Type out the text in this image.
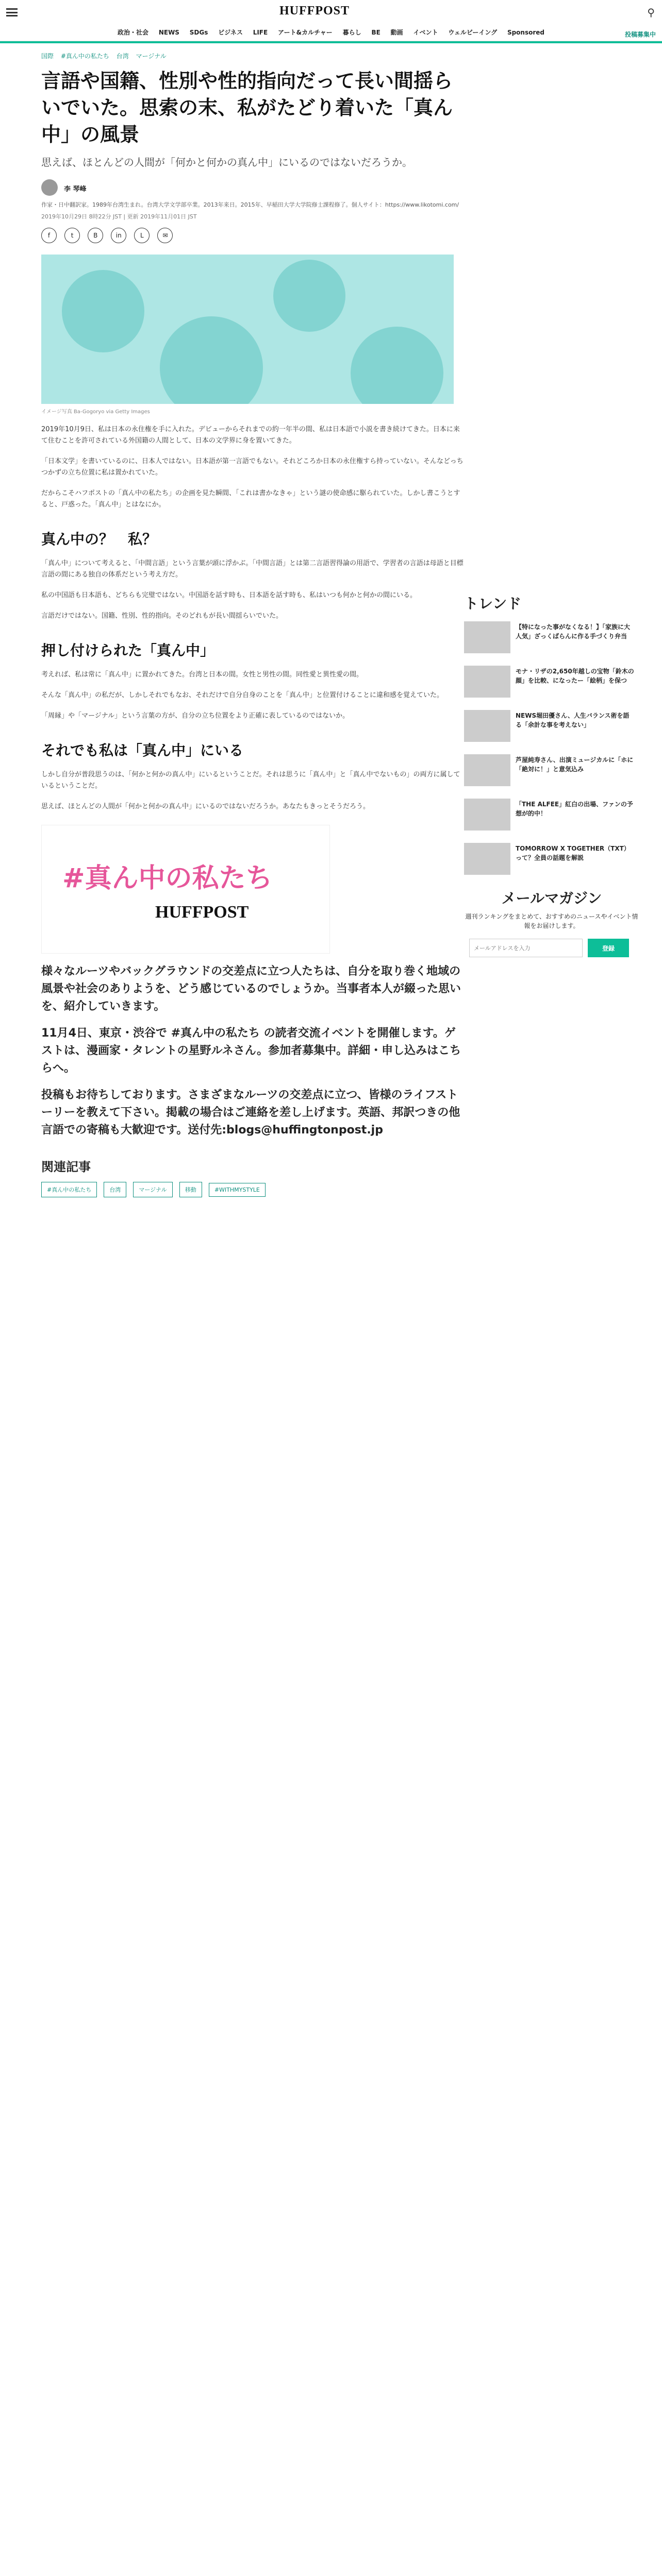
HUFFPOST	⚲
政治・社会 NEWS SDGs ビジネス LIFE アート&カルチャー 暮らし BE 動画 イベント ウェルビーイング Sponsored	投稿募集中
国際 #真ん中の私たち 台湾 マージナル
言語や国籍、性別や性的指向だって長い間揺らいでいた。思索の末、私がたどり着いた「真ん中」の風景
思えば、ほとんどの人間が「何かと何かの真ん中」にいるのではないだろうか。
李 琴峰
作家・日中翻訳家。1989年台湾生まれ。台湾大学文学部卒業。2013年来日。2015年、早稲田大学大学院修士課程修了。個人サイト：https://www.likotomi.com/
2019年10月29日 8時22分 JST | 更新 2019年11月01日 JST
f	t	B	in	L	✉
イメージ写真 Ba-Gogoryo via Getty Images

2019年10月9日、私は日本の永住権を手に入れた。デビューからそれまでの約一年半の間、私は日本語で小説を書き続けてきた。日本に来て住むことを許可されている外国籍の人間として、日本の文学界に身を置いてきた。

「日本文学」を書いているのに、日本人ではない。日本語が第一言語でもない。それどころか日本の永住権すら持っていない。そんなどっちつかずの立ち位置に私は置かれていた。

だからこそハフポストの「真ん中の私たち」の企画を見た瞬間、「これは書かなきゃ」という謎の使命感に駆られていた。しかし書こうとすると、戸惑った。「真ん中」とはなにか。

真ん中の？　私？

「真ん中」について考えると、「中間言語」という言葉が頭に浮かぶ。「中間言語」とは第二言語習得論の用語で、学習者の言語は母語と目標言語の間にある独自の体系だという考え方だ。

私の中国語も日本語も、どちらも完璧ではない。中国語を話す時も、日本語を話す時も、私はいつも何かと何かの間にいる。

言語だけではない。国籍、性別、性的指向。そのどれもが長い間揺らいでいた。

押し付けられた「真ん中」

考えれば、私は常に「真ん中」に置かれてきた。台湾と日本の間。女性と男性の間。同性愛と異性愛の間。

そんな「真ん中」の私だが、しかしそれでもなお、それだけで自分自身のことを「真ん中」と位置付けることに違和感を覚えていた。

「周縁」や「マージナル」という言葉の方が、自分の立ち位置をより正確に表しているのではないか。

それでも私は「真ん中」にいる

しかし自分が普段思うのは、「何かと何かの真ん中」にいるということだ。それは思うに「真ん中」と「真ん中でないもの」の両方に属しているということだ。

思えば、ほとんどの人間が「何かと何かの真ん中」にいるのではないだろうか。あなたもきっとそうだろう。

#真ん中の私たち
HUFFPOST

様々なルーツやバックグラウンドの交差点に立つ人たちは、自分を取り巻く地域の風景や社会のありようを、どう感じているのでしょうか。当事者本人が綴った思いを、紹介していきます。

11月4日、東京・渋谷で #真ん中の私たち の読者交流イベントを開催します。ゲストは、漫画家・タレントの星野ルネさん。参加者募集中。詳細・申し込みはこちらへ。

投稿もお待ちしております。さまざまなルーツの交差点に立つ、皆様のライフストーリーを教えて下さい。掲載の場合はご連絡を差し上げます。英語、邦訳つきの他言語での寄稿も大歓迎です。送付先:blogs@huffingtonpost.jp

関連記事
#真ん中の私たち	台湾	マージナル	移動	#WITHMYSTYLE
トレンド
【特になった事がなくなる！】「家族に大人気」ざっくばらんに作る手づくり弁当
モナ・リザの2,650年越しの宝物「鈴木の顔」を比較、になったー「絵柄」を保つ
NEWS堀田優さん、人生バランス術を語る「余計な事を考えない」
芦屋純寿さん、出演ミュージカルに「ホに「絶対に！」と意気込み
「THE ALFEE」紅白の出場、ファンの予想が的中！
TOMORROW X TOGETHER（TXT）って？全員の話題を解説
メールマガジン
週刊ランキングをまとめて、おすすめのニュースやイベント情報をお届けします。
メールアドレスを入力
登録
